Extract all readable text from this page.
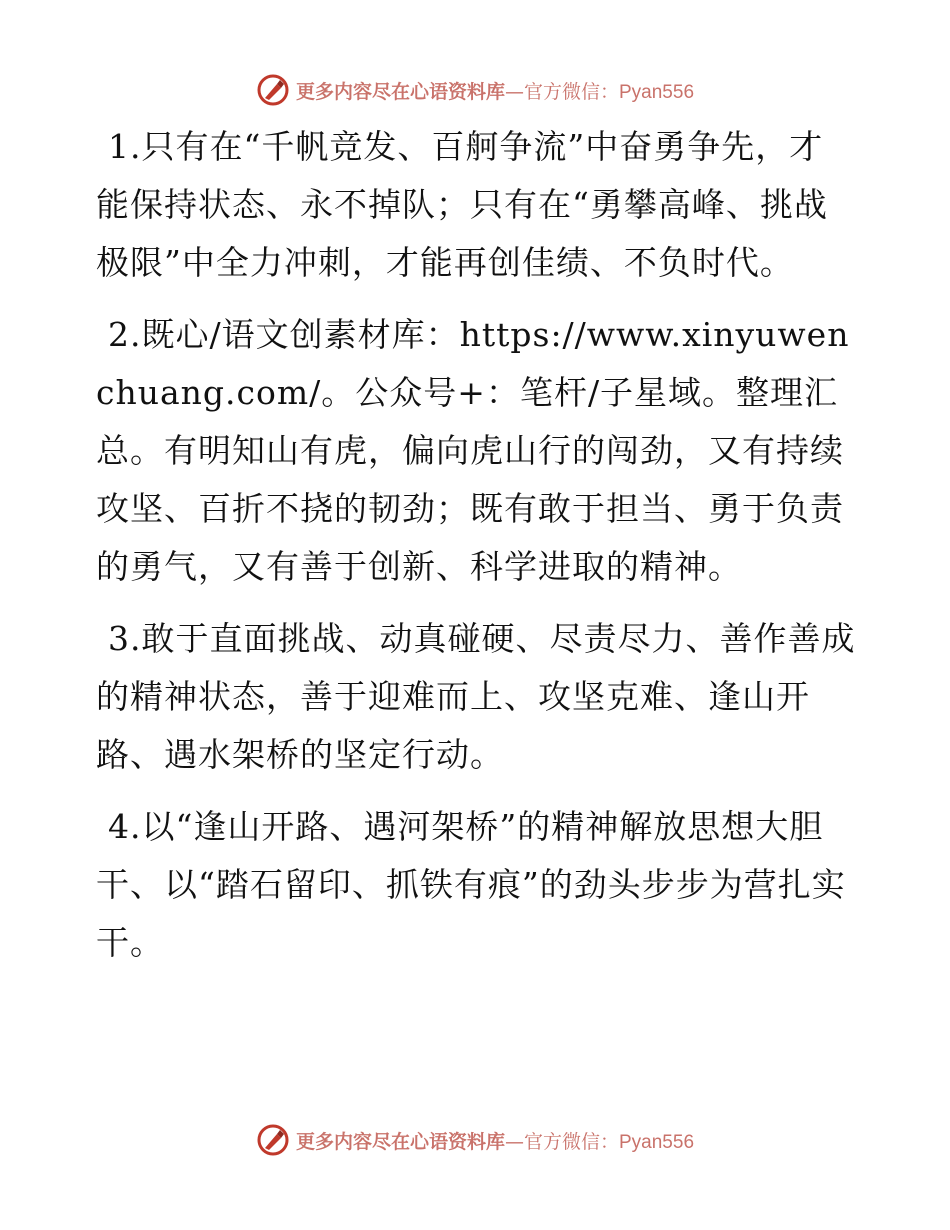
更多内容尽在心语资料库—官方微信：Pyan556

1.只有在“千帆竞发、百舸争流”中奋勇争先，才能保持状态、永不掉队；只有在“勇攀高峰、挑战极限”中全力冲刺，才能再创佳绩、不负时代。

2.既心/语文创素材库：https://www.xinyuwenchuang.com/。公众号+：笔杆/子星域。整理汇总。有明知山有虎，偏向虎山行的闯劲，又有持续攻坚、百折不挠的韧劲；既有敢于担当、勇于负责的勇气，又有善于创新、科学进取的精神。

3.敢于直面挑战、动真碰硬、尽责尽力、善作善成的精神状态，善于迎难而上、攻坚克难、逢山开路、遇水架桥的坚定行动。

4.以“逢山开路、遇河架桥”的精神解放思想大胆干、以“踏石留印、抓铁有痕”的劲头步步为营扎实干。

更多内容尽在心语资料库—官方微信：Pyan556
